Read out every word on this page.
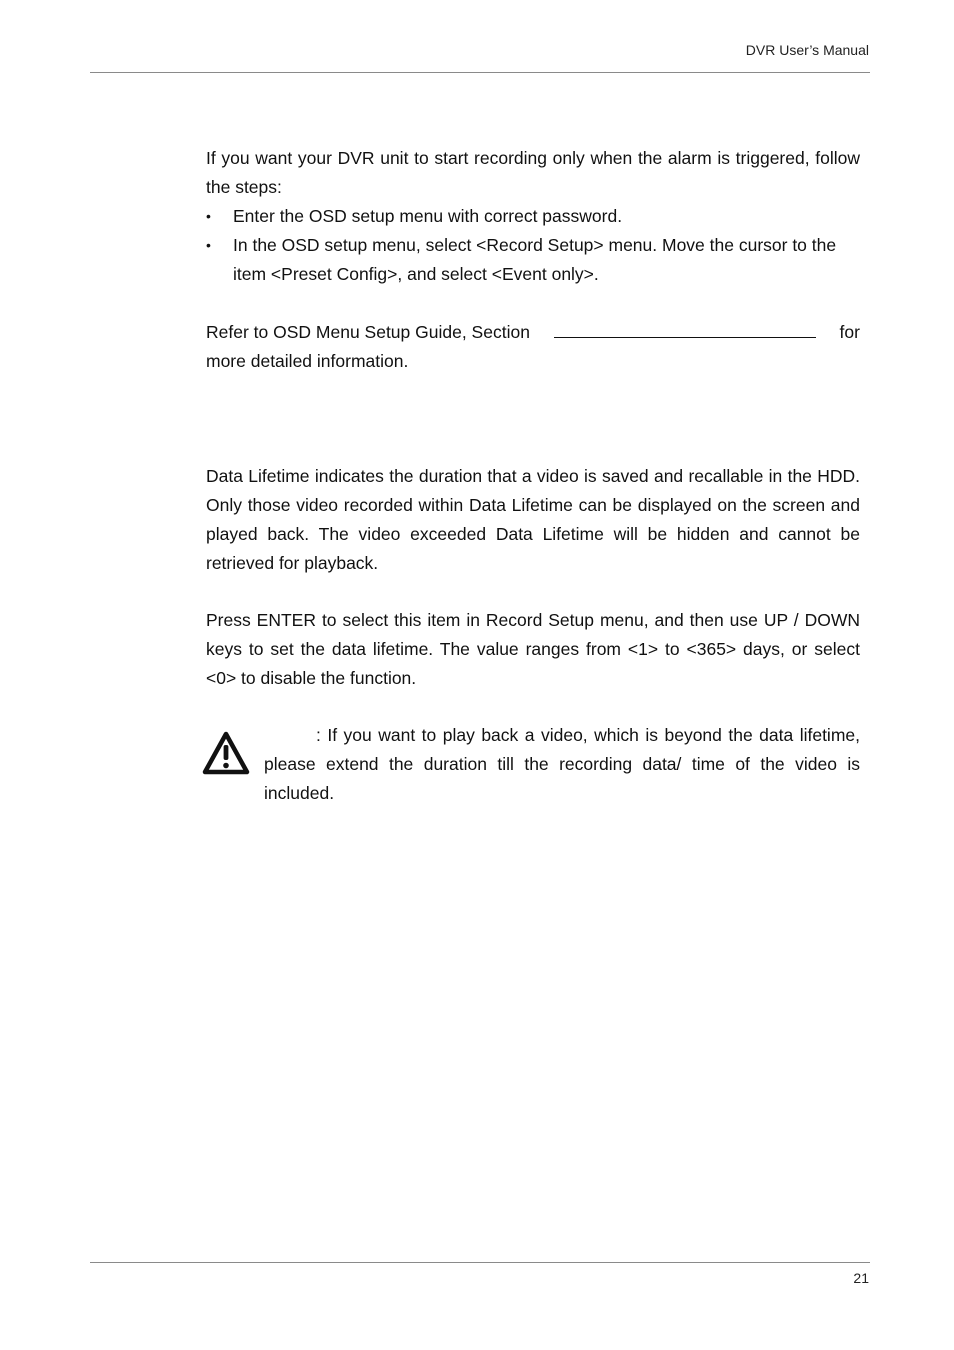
DVR User’s Manual

If you want your DVR unit to start recording only when the alarm is triggered, follow the steps:

• Enter the OSD setup menu with correct password.
• In the OSD setup menu, select <Record Setup> menu. Move the cursor to the item <Preset Config>, and select <Event only>.
Refer to OSD Menu Setup Guide, Section	for

more detailed information.

Data Lifetime indicates the duration that a video is saved and recallable in the HDD. Only those video recorded within Data Lifetime can be displayed on the screen and played back. The video exceeded Data Lifetime will be hidden and cannot be retrieved for playback.

Press ENTER to select this item in Record Setup menu, and then use UP / DOWN keys to set the data lifetime. The value ranges from <1> to <365> days, or select <0> to disable the function.

: If you want to play back a video, which is beyond the data lifetime, please extend the duration till the recording data/ time of the video is included.

21
